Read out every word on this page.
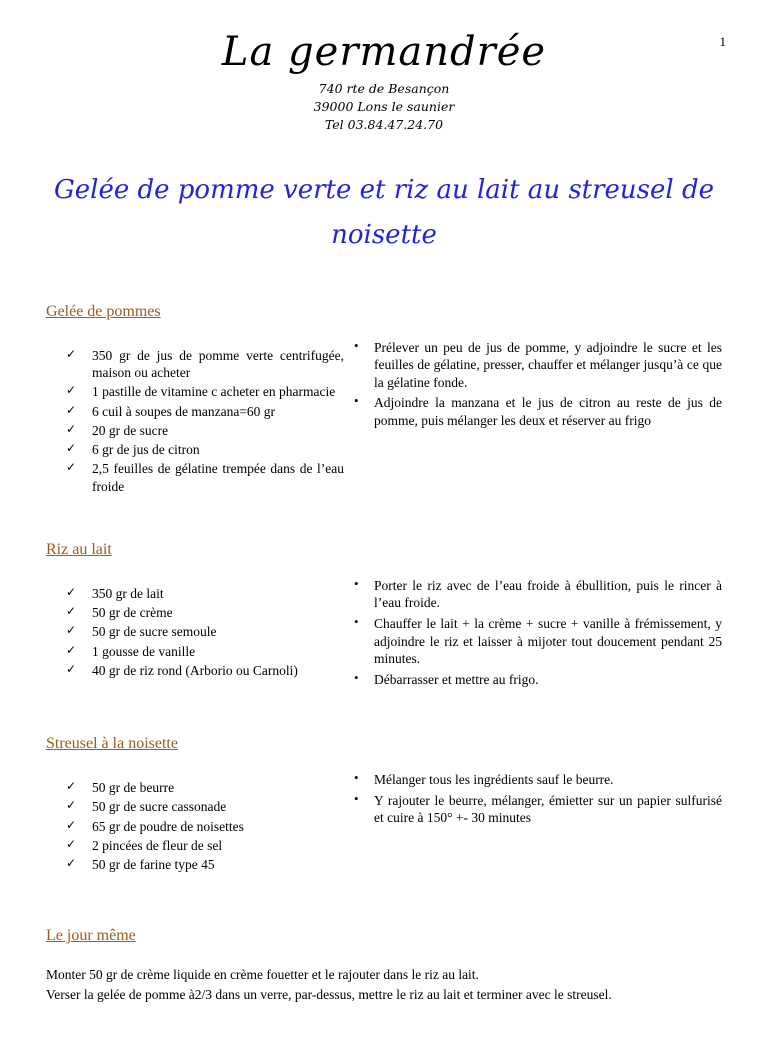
1
La germandrée
740 rte de Besançon
39000 Lons le saunier
Tel 03.84.47.24.70
Gelée de pomme verte et riz au lait au streusel de
noisette
Gelée de pommes
✓ 350 gr de jus de pomme verte centrifugée, maison ou acheter
✓ 1 pastille de vitamine c acheter en pharmacie
✓ 6 cuil à soupes de manzana=60 gr
✓ 20 gr de sucre
✓ 6 gr de jus de citron
✓ 2,5 feuilles de gélatine trempée dans de l’eau froide
• Prélever un peu de jus de pomme, y adjoindre le sucre et les feuilles de gélatine, presser, chauffer et mélanger jusqu’à ce que la gélatine fonde.
• Adjoindre la manzana et le jus de citron au reste de jus de pomme, puis mélanger les deux et réserver au frigo
Riz au lait
✓ 350 gr de lait
✓ 50 gr de crème
✓ 50 gr de sucre semoule
✓ 1 gousse de vanille
✓ 40 gr de riz rond (Arborio ou Carnoli)
• Porter le riz avec de l’eau froide à ébullition, puis le rincer à l’eau froide.
• Chauffer le lait + la crème + sucre + vanille à frémissement, y adjoindre le riz et laisser à mijoter tout doucement pendant 25 minutes.
• Débarrasser et mettre au frigo.
Streusel à la noisette
✓ 50 gr de beurre
✓ 50 gr de sucre cassonade
✓ 65 gr de poudre de noisettes
✓ 2 pincées de fleur de sel
✓ 50 gr de farine type 45
• Mélanger tous les ingrédients sauf le beurre.
• Y rajouter le beurre, mélanger, émietter sur un papier sulfurisé et cuire à 150° +- 30 minutes
Le jour même

Monter 50 gr de crème liquide en crème fouetter et le rajouter dans le riz au lait.

Verser la gelée de pomme à2/3 dans un verre, par-dessus, mettre le riz au lait et terminer avec le streusel.
